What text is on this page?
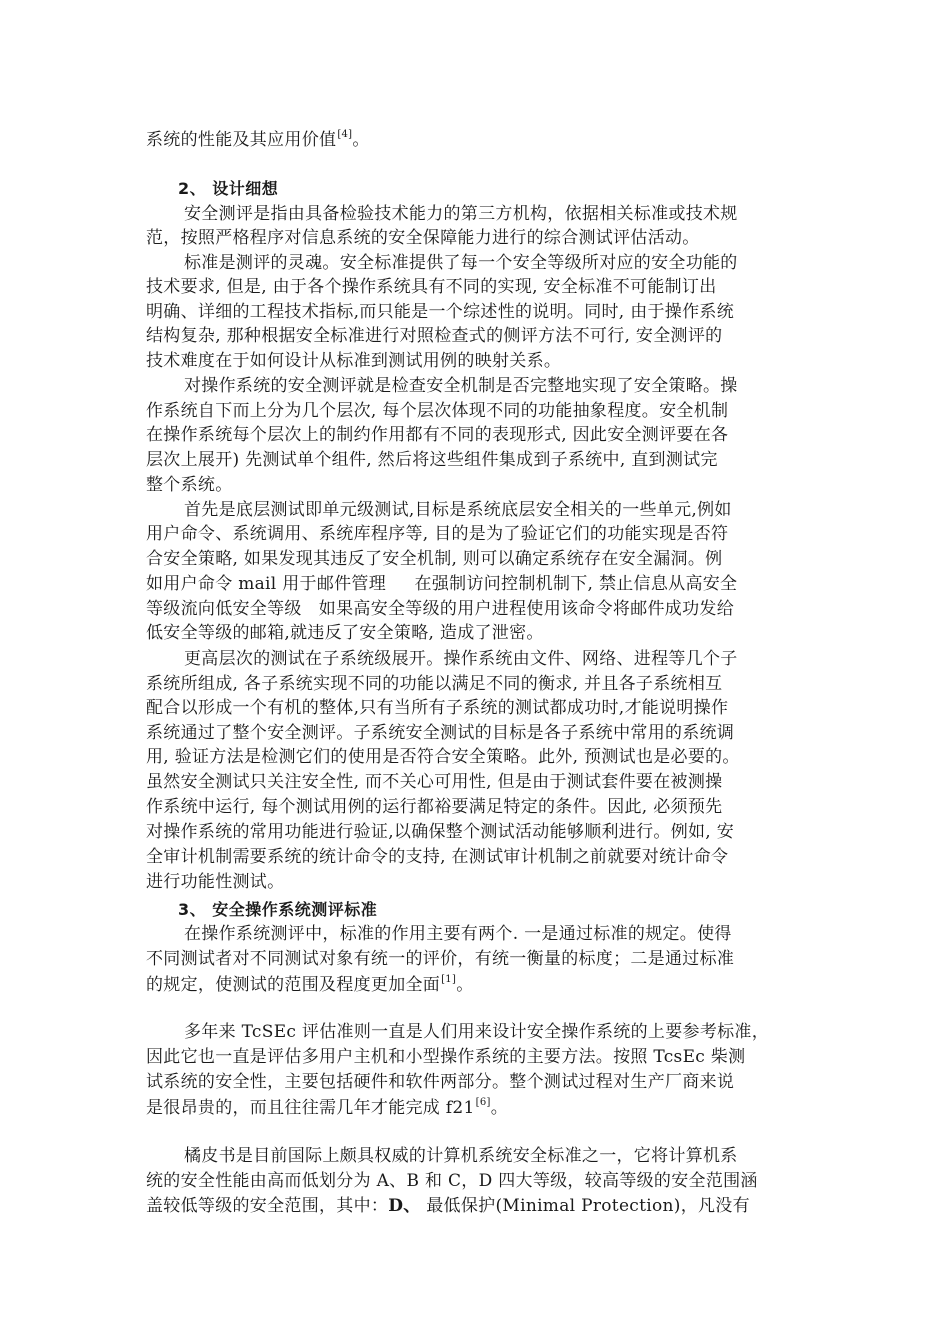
系统的性能及其应用价值[4]。

2、 设计细想

安全测评是指由具备检验技术能力的第三方机构，依据相关标准或技术规

范，按照严格程序对信息系统的安全保障能力进行的综合测试评估活动。

标准是测评的灵魂。安全标准提供了每一个安全等级所对应的安全功能的

技术要求, 但是, 由于各个操作系统具有不同的实现, 安全标准不可能制订出

明确、详细的工程技术指标,而只能是一个综述性的说明。同时, 由于操作系统

结构复杂, 那种根据安全标准进行对照检查式的侧评方法不可行, 安全测评的

技术难度在于如何设计从标准到测试用例的映射关系。

对操作系统的安全测评就是检查安全机制是否完整地实现了安全策略。操

作系统自下而上分为几个层次, 每个层次体现不同的功能抽象程度。安全机制

在操作系统每个层次上的制约作用都有不同的表现形式, 因此安全测评要在各

层次上展开) 先测试单个组件, 然后将这些组件集成到子系统中, 直到测试完

整个系统。

首先是底层测试即单元级测试,目标是系统底层安全相关的一些单元,例如

用户命令、系统调用、系统库程序等, 目的是为了验证它们的功能实现是否符

合安全策略, 如果发现其违反了安全机制, 则可以确定系统存在安全漏洞。例

如用户命令 mail 用于邮件管理     在强制访问控制机制下, 禁止信息从高安全

等级流向低安全等级   如果高安全等级的用户进程使用该命令将邮件成功发给

低安全等级的邮箱,就违反了安全策略, 造成了泄密。

更高层次的测试在子系统级展开。操作系统由文件、网络、进程等几个子

系统所组成, 各子系统实现不同的功能以满足不同的衡求, 并且各子系统相互

配合以形成一个有机的整体,只有当所有子系统的测试都成功时,才能说明操作

系统通过了整个安全测评。子系统安全测试的目标是各子系统中常用的系统调

用, 验证方法是检测它们的使用是否符合安全策略。此外, 预测试也是必要的。

虽然安全测试只关注安全性, 而不关心可用性, 但是由于测试套件要在被测操

作系统中运行, 每个测试用例的运行都裕要满足特定的条件。因此, 必须预先

对操作系统的常用功能进行验证,以确保整个测试活动能够顺利进行。例如, 安

全审计机制需要系统的统计命令的支持, 在测试审计机制之前就要对统计命令

进行功能性测试。

3、 安全操作系统测评标准

在操作系统测评中，标准的作用主要有两个. 一是通过标准的规定。使得

不同测试者对不同测试对象有统一的评价，有统一衡量的标度；二是通过标准

的规定，使测试的范围及程度更加全面[1]。

多年来 TcSEc 评估准则一直是人们用来设计安全操作系统的上要参考标准，

因此它也一直是评估多用户主机和小型操作系统的主要方法。按照 TcsEc 柴测

试系统的安全性，主要包括硬件和软件两部分。整个测试过程对生产厂商来说

是很昂贵的，而且往往需几年才能完成 f21[6]。

橘皮书是目前国际上颇具权威的计算机系统安全标准之一，它将计算机系

统的安全性能由高而低划分为 A、B 和 C，D 四大等级，较高等级的安全范围涵

盖较低等级的安全范围，其中：D、 最低保护(Minimal Protection)，凡没有
